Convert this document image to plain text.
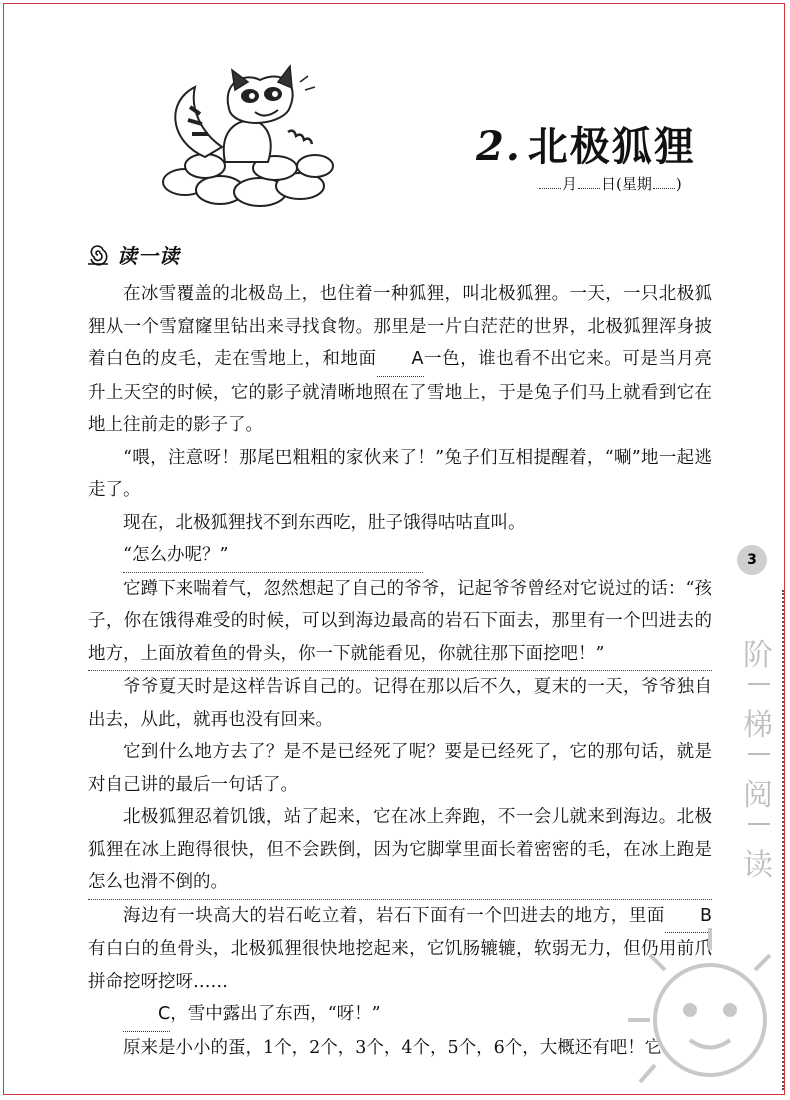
2. 北极狐狸
月 日(星期 )
读一读

在冰雪覆盖的北极岛上，也住着一种狐狸，叫北极狐狸。一天，一只北极狐狸从一个雪窟窿里钻出来寻找食物。那里是一片白茫茫的世界，北极狐狸浑身披着白色的皮毛，走在雪地上，和地面 A一色，谁也看不出它来。可是当月亮升上天空的时候，它的影子就清晰地照在了雪地上，于是兔子们马上就看到它在地上往前走的影子了。

“喂，注意呀！那尾巴粗粗的家伙来了！”兔子们互相提醒着，“唰”地一起逃走了。

现在，北极狐狸找不到东西吃，肚子饿得咕咕直叫。

“怎么办呢？”

它蹲下来喘着气，忽然想起了自己的爷爷，记起爷爷曾经对它说过的话：“孩子，你在饿得难受的时候，可以到海边最高的岩石下面去，那里有一个凹进去的地方，上面放着鱼的骨头，你一下就能看见，你就往那下面挖吧！”

爷爷夏天时是这样告诉自己的。记得在那以后不久，夏末的一天，爷爷独自出去，从此，就再也没有回来。

它到什么地方去了？是不是已经死了呢？要是已经死了，它的那句话，就是对自己讲的最后一句话了。

北极狐狸忍着饥饿，站了起来，它在冰上奔跑，不一会儿就来到海边。北极狐狸在冰上跑得很快，但不会跌倒，因为它脚掌里面长着密密的毛，在冰上跑是怎么也滑不倒的。

海边有一块高大的岩石屹立着，岩石下面有一个凹进去的地方，里面 B有白白的鱼骨头，北极狐狸很快地挖起来，它饥肠辘辘，软弱无力，但仍用前爪拼命挖呀挖呀……

C，雪中露出了东西，“呀！”

原来是小小的蛋，1个，2个，3个，4个，5个，6个，大概还有吧！它

3
阶
梯
阅
读
